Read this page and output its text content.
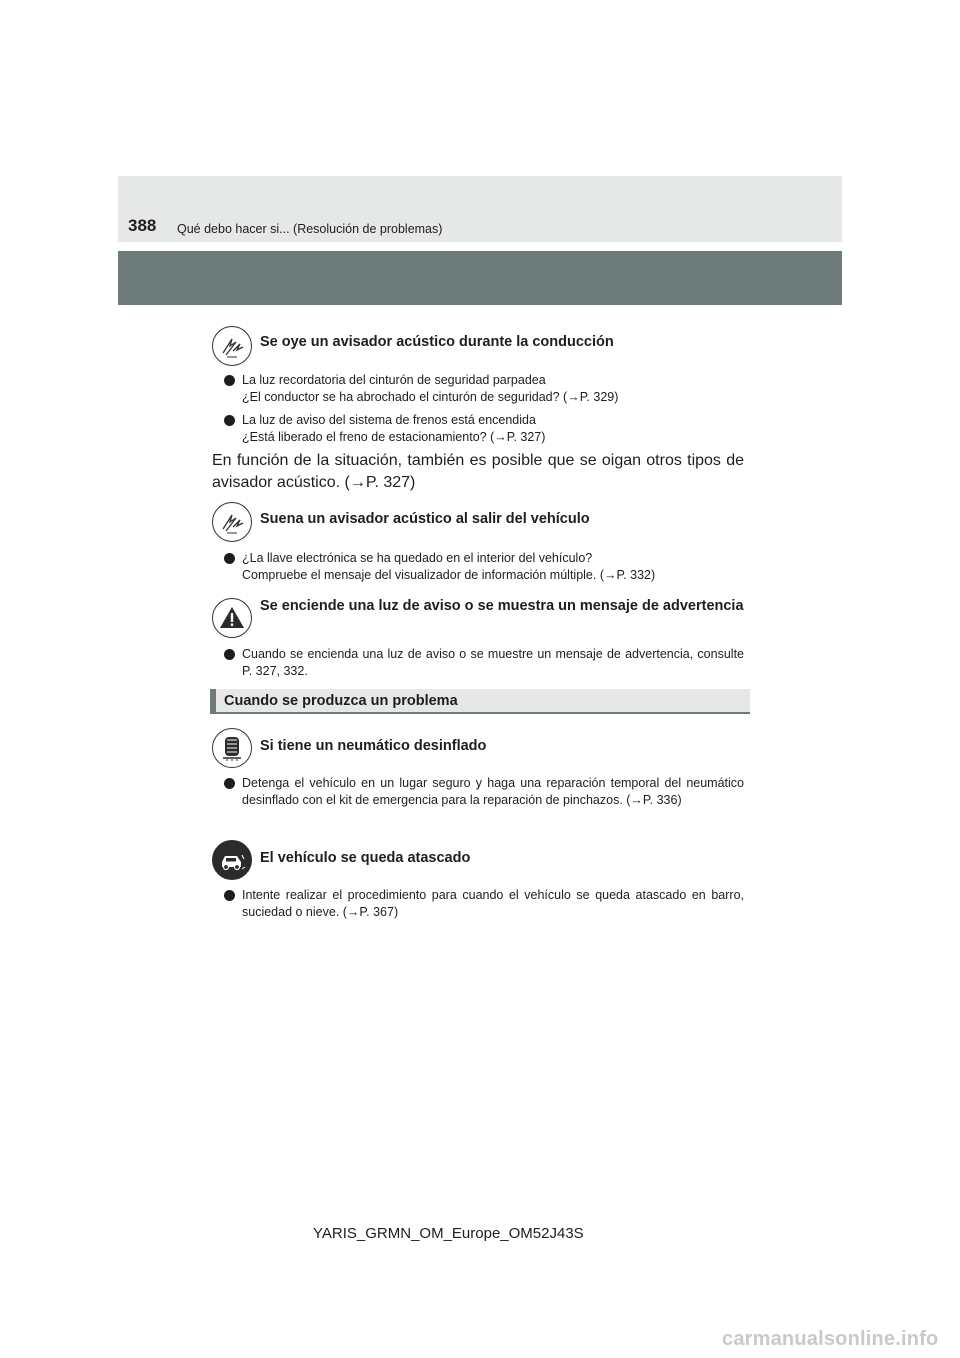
388 Qué debo hacer si... (Resolución de problemas)
Se oye un avisador acústico durante la conducción
La luz recordatoria del cinturón de seguridad parpadea
¿El conductor se ha abrochado el cinturón de seguridad? (→P. 329)
La luz de aviso del sistema de frenos está encendida
¿Está liberado el freno de estacionamiento? (→P. 327)
En función de la situación, también es posible que se oigan otros tipos de avisador acústico. (→P. 327)
Suena un avisador acústico al salir del vehículo
¿La llave electrónica se ha quedado en el interior del vehículo?
Compruebe el mensaje del visualizador de información múltiple. (→P. 332)
Se enciende una luz de aviso o se muestra un mensaje de advertencia
Cuando se encienda una luz de aviso o se muestre un mensaje de advertencia, consulte P. 327, 332.
Cuando se produzca un problema
Si tiene un neumático desinflado
Detenga el vehículo en un lugar seguro y haga una reparación temporal del neumático desinflado con el kit de emergencia para la reparación de pinchazos. (→P. 336)
El vehículo se queda atascado
Intente realizar el procedimiento para cuando el vehículo se queda atascado en barro, suciedad o nieve. (→P. 367)
YARIS_GRMN_OM_Europe_OM52J43S
carmanualsonline.info
